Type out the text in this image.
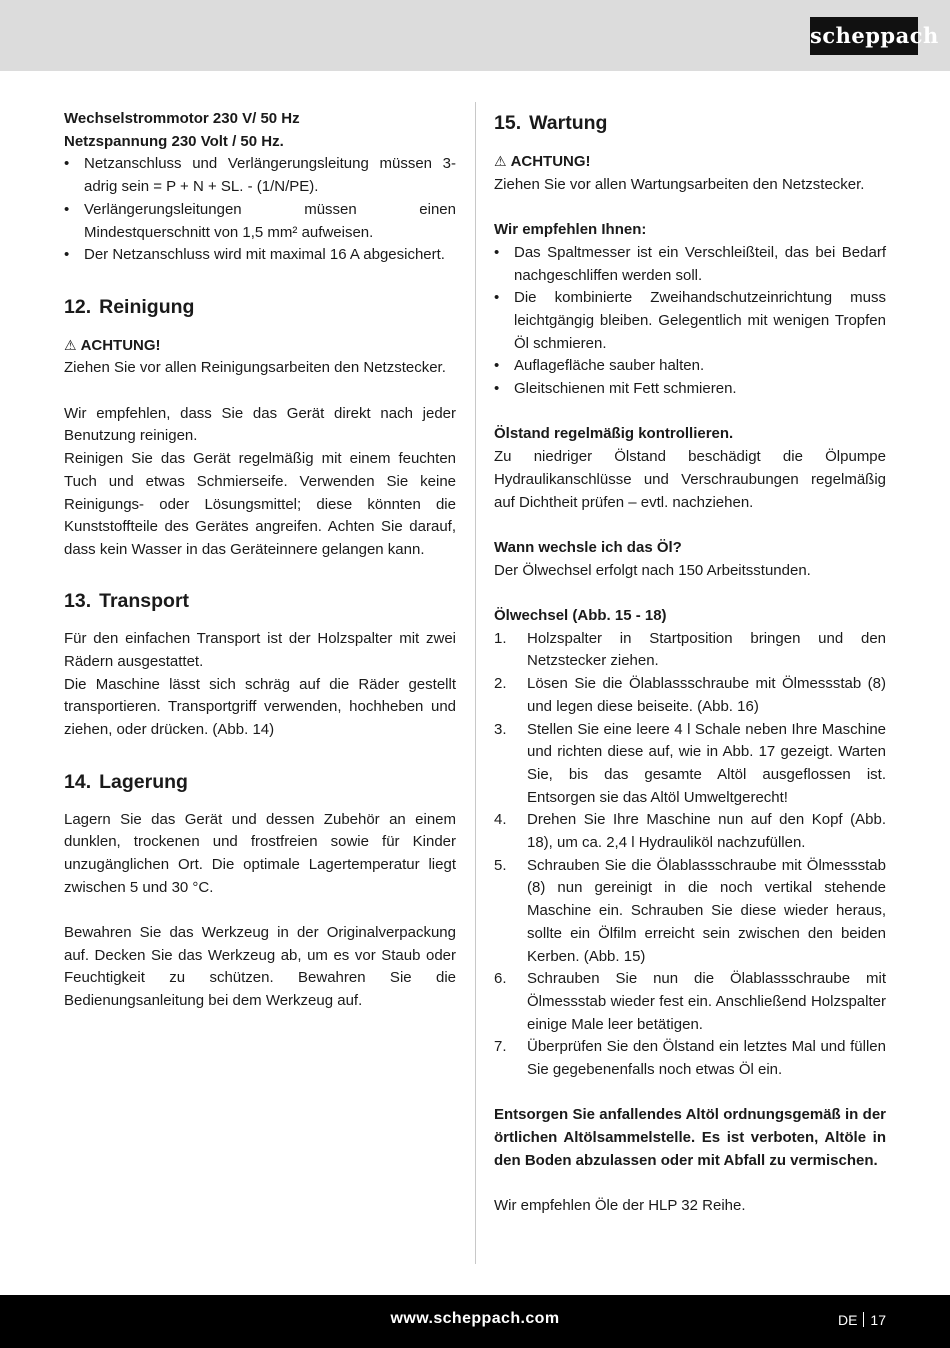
scheppach

Wechselstrommotor 230 V/ 50 Hz

Netzspannung 230 Volt / 50 Hz.

• Netzanschluss und Verlängerungsleitung müssen 3-adrig sein = P + N + SL. - (1/N/PE).
• Verlängerungsleitungen müssen einen Mindestquerschnitt von 1,5 mm² aufweisen.
• Der Netzanschluss wird mit maximal 16 A abgesichert.
12. Reinigung

⚠ ACHTUNG!

Ziehen Sie vor allen Reinigungsarbeiten den Netzstecker.

Wir empfehlen, dass Sie das Gerät direkt nach jeder Benutzung reinigen.

Reinigen Sie das Gerät regelmäßig mit einem feuchten Tuch und etwas Schmierseife. Verwenden Sie keine Reinigungs- oder Lösungsmittel; diese könnten die Kunststoffteile des Gerätes angreifen. Achten Sie darauf, dass kein Wasser in das Geräteinnere gelangen kann.

13. Transport

Für den einfachen Transport ist der Holzspalter mit zwei Rädern ausgestattet.

Die Maschine lässt sich schräg auf die Räder gestellt transportieren. Transportgriff verwenden, hochheben und ziehen, oder drücken. (Abb. 14)

14. Lagerung

Lagern Sie das Gerät und dessen Zubehör an einem dunklen, trockenen und frostfreien sowie für Kinder unzugänglichen Ort. Die optimale Lagertemperatur liegt zwischen 5 und 30 °C.

Bewahren Sie das Werkzeug in der Originalverpackung auf. Decken Sie das Werkzeug ab, um es vor Staub oder Feuchtigkeit zu schützen. Bewahren Sie die Bedienungsanleitung bei dem Werkzeug auf.

15. Wartung

⚠ ACHTUNG!

Ziehen Sie vor allen Wartungsarbeiten den Netzstecker.

Wir empfehlen Ihnen:

• Das Spaltmesser ist ein Verschleißteil, das bei Bedarf nachgeschliffen werden soll.
• Die kombinierte Zweihandschutzeinrichtung muss leichtgängig bleiben. Gelegentlich mit wenigen Tropfen Öl schmieren.
• Auflagefläche sauber halten.
• Gleitschienen mit Fett schmieren.

Ölstand regelmäßig kontrollieren.

Zu niedriger Ölstand beschädigt die Ölpumpe Hydraulikanschlüsse und Verschraubungen regelmäßig auf Dichtheit prüfen – evtl. nachziehen.

Wann wechsle ich das Öl?

Der Ölwechsel erfolgt nach 150 Arbeitsstunden.

Ölwechsel (Abb. 15 - 18)

1. Holzspalter in Startposition bringen und den Netzstecker ziehen.
2. Lösen Sie die Ölablassschraube mit Ölmessstab (8) und legen diese beiseite. (Abb. 16)
3. Stellen Sie eine leere 4 l Schale neben Ihre Maschine und richten diese auf, wie in Abb. 17 gezeigt. Warten Sie, bis das gesamte Altöl ausgeflossen ist. Entsorgen sie das Altöl Umweltgerecht!
4. Drehen Sie Ihre Maschine nun auf den Kopf (Abb. 18), um ca. 2,4 l Hydrauliköl nachzufüllen.
5. Schrauben Sie die Ölablassschraube mit Ölmessstab (8) nun gereinigt in die noch vertikal stehende Maschine ein. Schrauben Sie diese wieder heraus, sollte ein Ölfilm erreicht sein zwischen den beiden Kerben. (Abb. 15)
6. Schrauben Sie nun die Ölablassschraube mit Ölmessstab wieder fest ein. Anschließend Holzspalter einige Male leer betätigen.
7. Überprüfen Sie den Ölstand ein letztes Mal und füllen Sie gegebenenfalls noch etwas Öl ein.

Entsorgen Sie anfallendes Altöl ordnungsgemäß in der örtlichen Altölsammelstelle. Es ist verboten, Altöle in den Boden abzulassen oder mit Abfall zu vermischen.

Wir empfehlen Öle der HLP 32 Reihe.

www.scheppach.com	DE 17
